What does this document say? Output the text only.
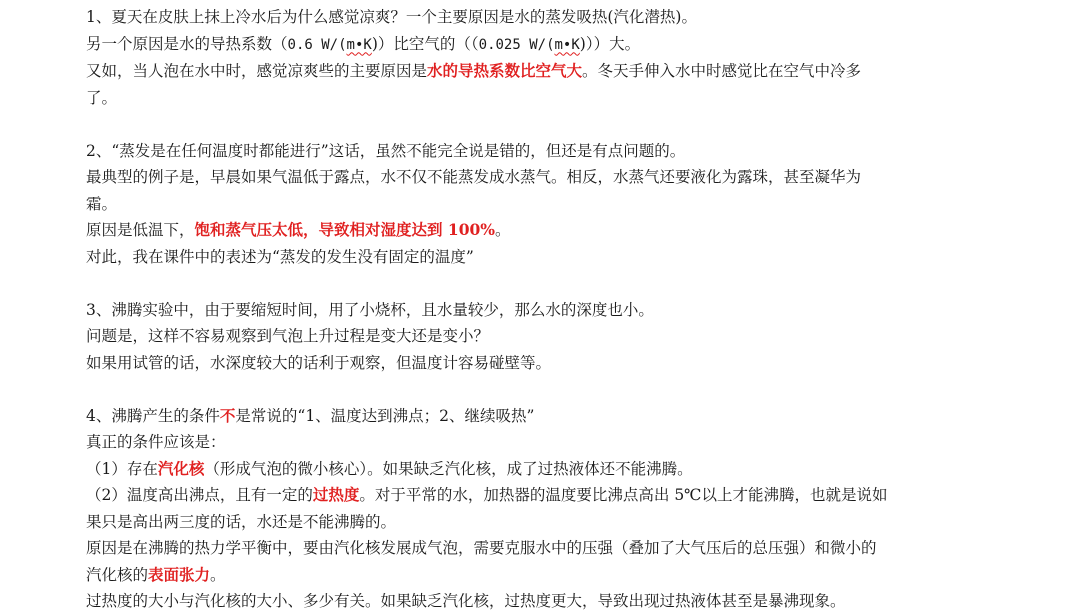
1、夏天在皮肤上抹上冷水后为什么感觉凉爽？一个主要原因是水的蒸发吸热(汽化潜热)。

另一个原因是水的导热系数（0.6 W/(m•K)）比空气的（（0.025 W/(m•K)））大。

又如，当人泡在水中时，感觉凉爽些的主要原因是水的导热系数比空气大。冬天手伸入水中时感觉比在空气中冷多

了。

2、“蒸发是在任何温度时都能进行”这话，虽然不能完全说是错的，但还是有点问题的。

最典型的例子是，早晨如果气温低于露点，水不仅不能蒸发成水蒸气。相反，水蒸气还要液化为露珠，甚至凝华为

霜。

原因是低温下，饱和蒸气压太低，导致相对湿度达到 100%。

对此，我在课件中的表述为“蒸发的发生没有固定的温度”

3、沸腾实验中，由于要缩短时间，用了小烧杯，且水量较少，那么水的深度也小。

问题是，这样不容易观察到气泡上升过程是变大还是变小？

如果用试管的话，水深度较大的话利于观察，但温度计容易碰壁等。

4、沸腾产生的条件不是常说的“1、温度达到沸点；2、继续吸热”

真正的条件应该是：

（1）存在汽化核（形成气泡的微小核心）。如果缺乏汽化核，成了过热液体还不能沸腾。

（2）温度高出沸点，且有一定的过热度。对于平常的水，加热器的温度要比沸点高出 5℃以上才能沸腾，也就是说如

果只是高出两三度的话，水还是不能沸腾的。

原因是在沸腾的热力学平衡中，要由汽化核发展成气泡，需要克服水中的压强（叠加了大气压后的总压强）和微小的

汽化核的表面张力。

过热度的大小与汽化核的大小、多少有关。如果缺乏汽化核，过热度更大，导致出现过热液体甚至是暴沸现象。
